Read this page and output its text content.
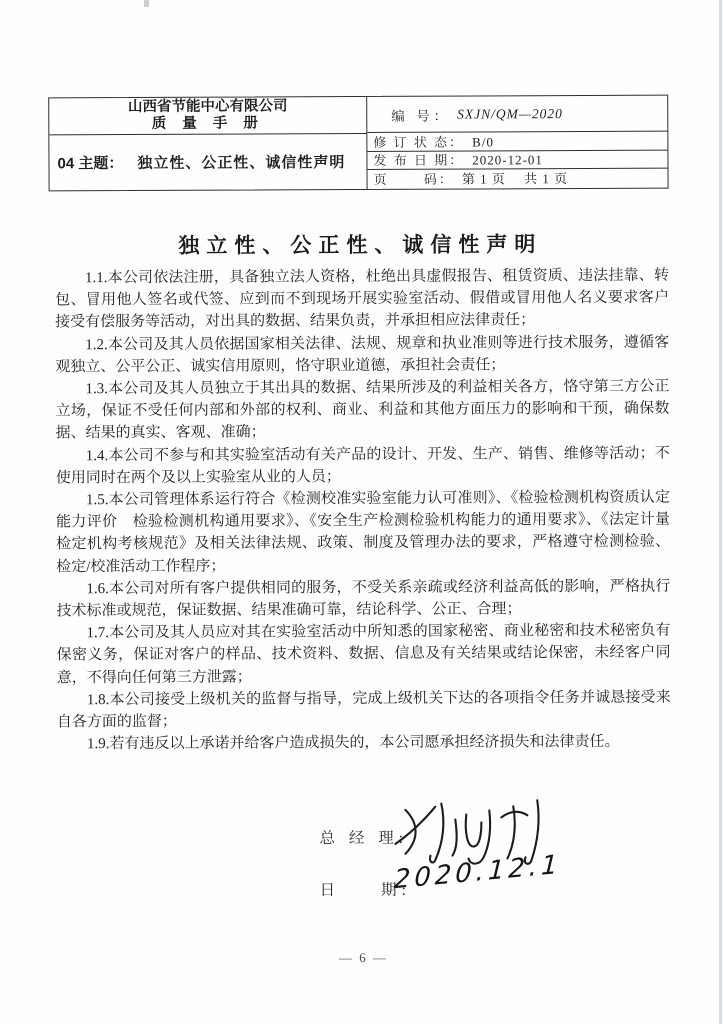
山西省节能中心有限公司
质 量 手 册
04 主题： 独立性、公正性、诚信性声明
编 号： SXJN/QM—2020
修 订 状 态： B/0
发 布 日 期： 2020-12-01
页　　 码： 第 1 页　 共 1 页
独立性、公正性、诚信性声明

1.1.本公司依法注册，具备独立法人资格，杜绝出具虚假报告、租赁资质、违法挂靠、转包、冒用他人签名或代签、应到而不到现场开展实验室活动、假借或冒用他人名义要求客户接受有偿服务等活动，对出具的数据、结果负责，并承担相应法律责任；

1.2.本公司及其人员依据国家相关法律、法规、规章和执业准则等进行技术服务，遵循客观独立、公平公正、诚实信用原则，恪守职业道德，承担社会责任；

1.3.本公司及其人员独立于其出具的数据、结果所涉及的利益相关各方，恪守第三方公正立场，保证不受任何内部和外部的权利、商业、利益和其他方面压力的影响和干预，确保数据、结果的真实、客观、准确；

1.4.本公司不参与和其实验室活动有关产品的设计、开发、生产、销售、维修等活动；不使用同时在两个及以上实验室从业的人员；

1.5.本公司管理体系运行符合《检测校准实验室能力认可准则》、《检验检测机构资质认定能力评价　检验检测机构通用要求》、《安全生产检测检验机构能力的通用要求》、《法定计量检定机构考核规范》及相关法律法规、政策、制度及管理办法的要求，严格遵守检测检验、检定/校准活动工作程序；

1.6.本公司对所有客户提供相同的服务，不受关系亲疏或经济利益高低的影响，严格执行技术标准或规范，保证数据、结果准确可靠，结论科学、公正、合理；

1.7.本公司及其人员应对其在实验室活动中所知悉的国家秘密、商业秘密和技术秘密负有保密义务，保证对客户的样品、技术资料、数据、信息及有关结果或结论保密，未经客户同意，不得向任何第三方泄露；

1.8.本公司接受上级机关的监督与指导，完成上级机关下达的各项指令任务并诚恳接受来自各方面的监督；

1.9.若有违反以上承诺并给客户造成损失的，本公司愿承担经济损失和法律责任。

总 经 理:
日　　期:
2020.12.1
— 6 —
